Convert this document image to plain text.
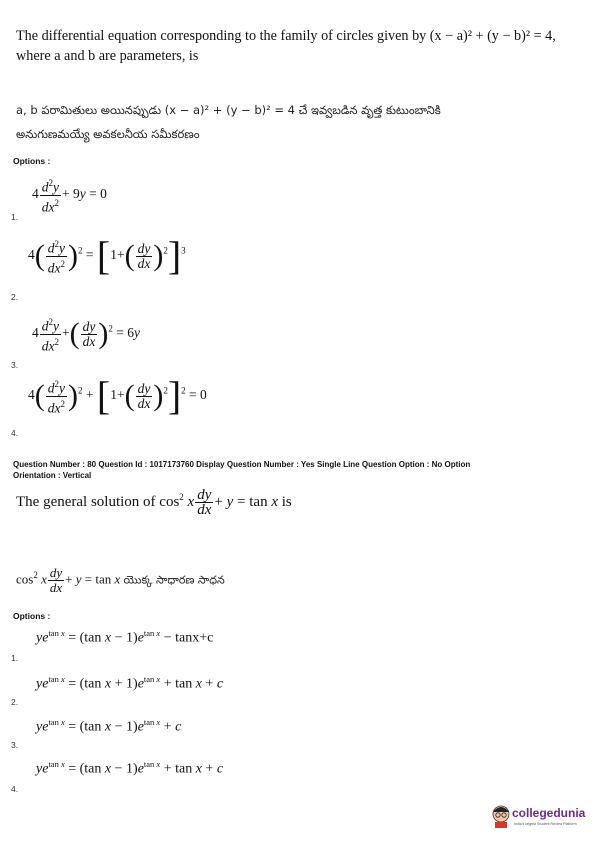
The differential equation corresponding to the family of circles given by (x − a)² + (y − b)² = 4,
where a and b are parameters, is
a, b పరామితులు అయినప్పుడు (x − a)² + (y − b)² = 4 చే ఇవ్వబడిన వృత్త కుటుంబానికి
అనుగుణమయ్యే అవకలనీయ సమీకరణం
Options :
$4 \frac{d^2y}{dx^2} + 9y = 0$
1.
$4( \frac{d^2y}{dx^2} )^2 = [1+( \frac{dy}{dx} )^2]^3$
2.
$4 \frac{d^2y}{dx^2}$ +( $\frac{dy}{dx} )^2 = 6y$
3.
$4( \frac{d^2y}{dx^2} )^2 + [1+( \frac{dy}{dx} )^2]^2 = 0$
4.
Question Number : 80 Question Id : 1017173760 Display Question Number : Yes Single Line Question Option : No Option
Orientation : Vertical
The general solution of $\cos^2 x \frac{dy}{dx} + y = \tan x$ is
$\cos^2 x \frac{dy}{dx} + y = \tan x$ యొక్క సాధారణ సాధన
Options :
$ye^{tan x} = (\tan$ $x - 1)e^{tan x} - \tan x+c$
1.
$ye^{tan x} = (\tan$ $x + 1)e^{tan x} + \tan x + c$
2.
$ye^{tan x} = (\tan$ $x - 1)e^{tan x} + c$
3.
$ye^{tan x} = (\tan$ $x - 1)e^{tan x} + \tan x + c$
4.
collegedunia
India's largest Student Review Platform
